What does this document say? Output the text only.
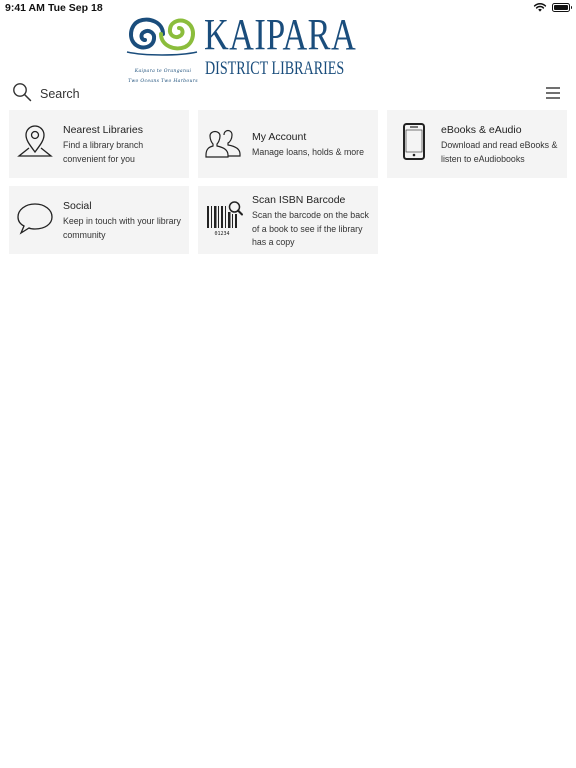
9:41 AM Tue Sep 18
Kaipara te Oranganui
Two Oceans Two Harbours
KAIPARA
DISTRICT LIBRARIES
Search
Nearest Libraries
Find a library branch convenient for you
My Account
Manage loans, holds & more
eBooks & eAudio
Download and read eBooks & listen to eAudiobooks
Social
Keep in touch with your library community	01234
Scan ISBN Barcode
Scan the barcode on the back of a book to see if the library has a copy
